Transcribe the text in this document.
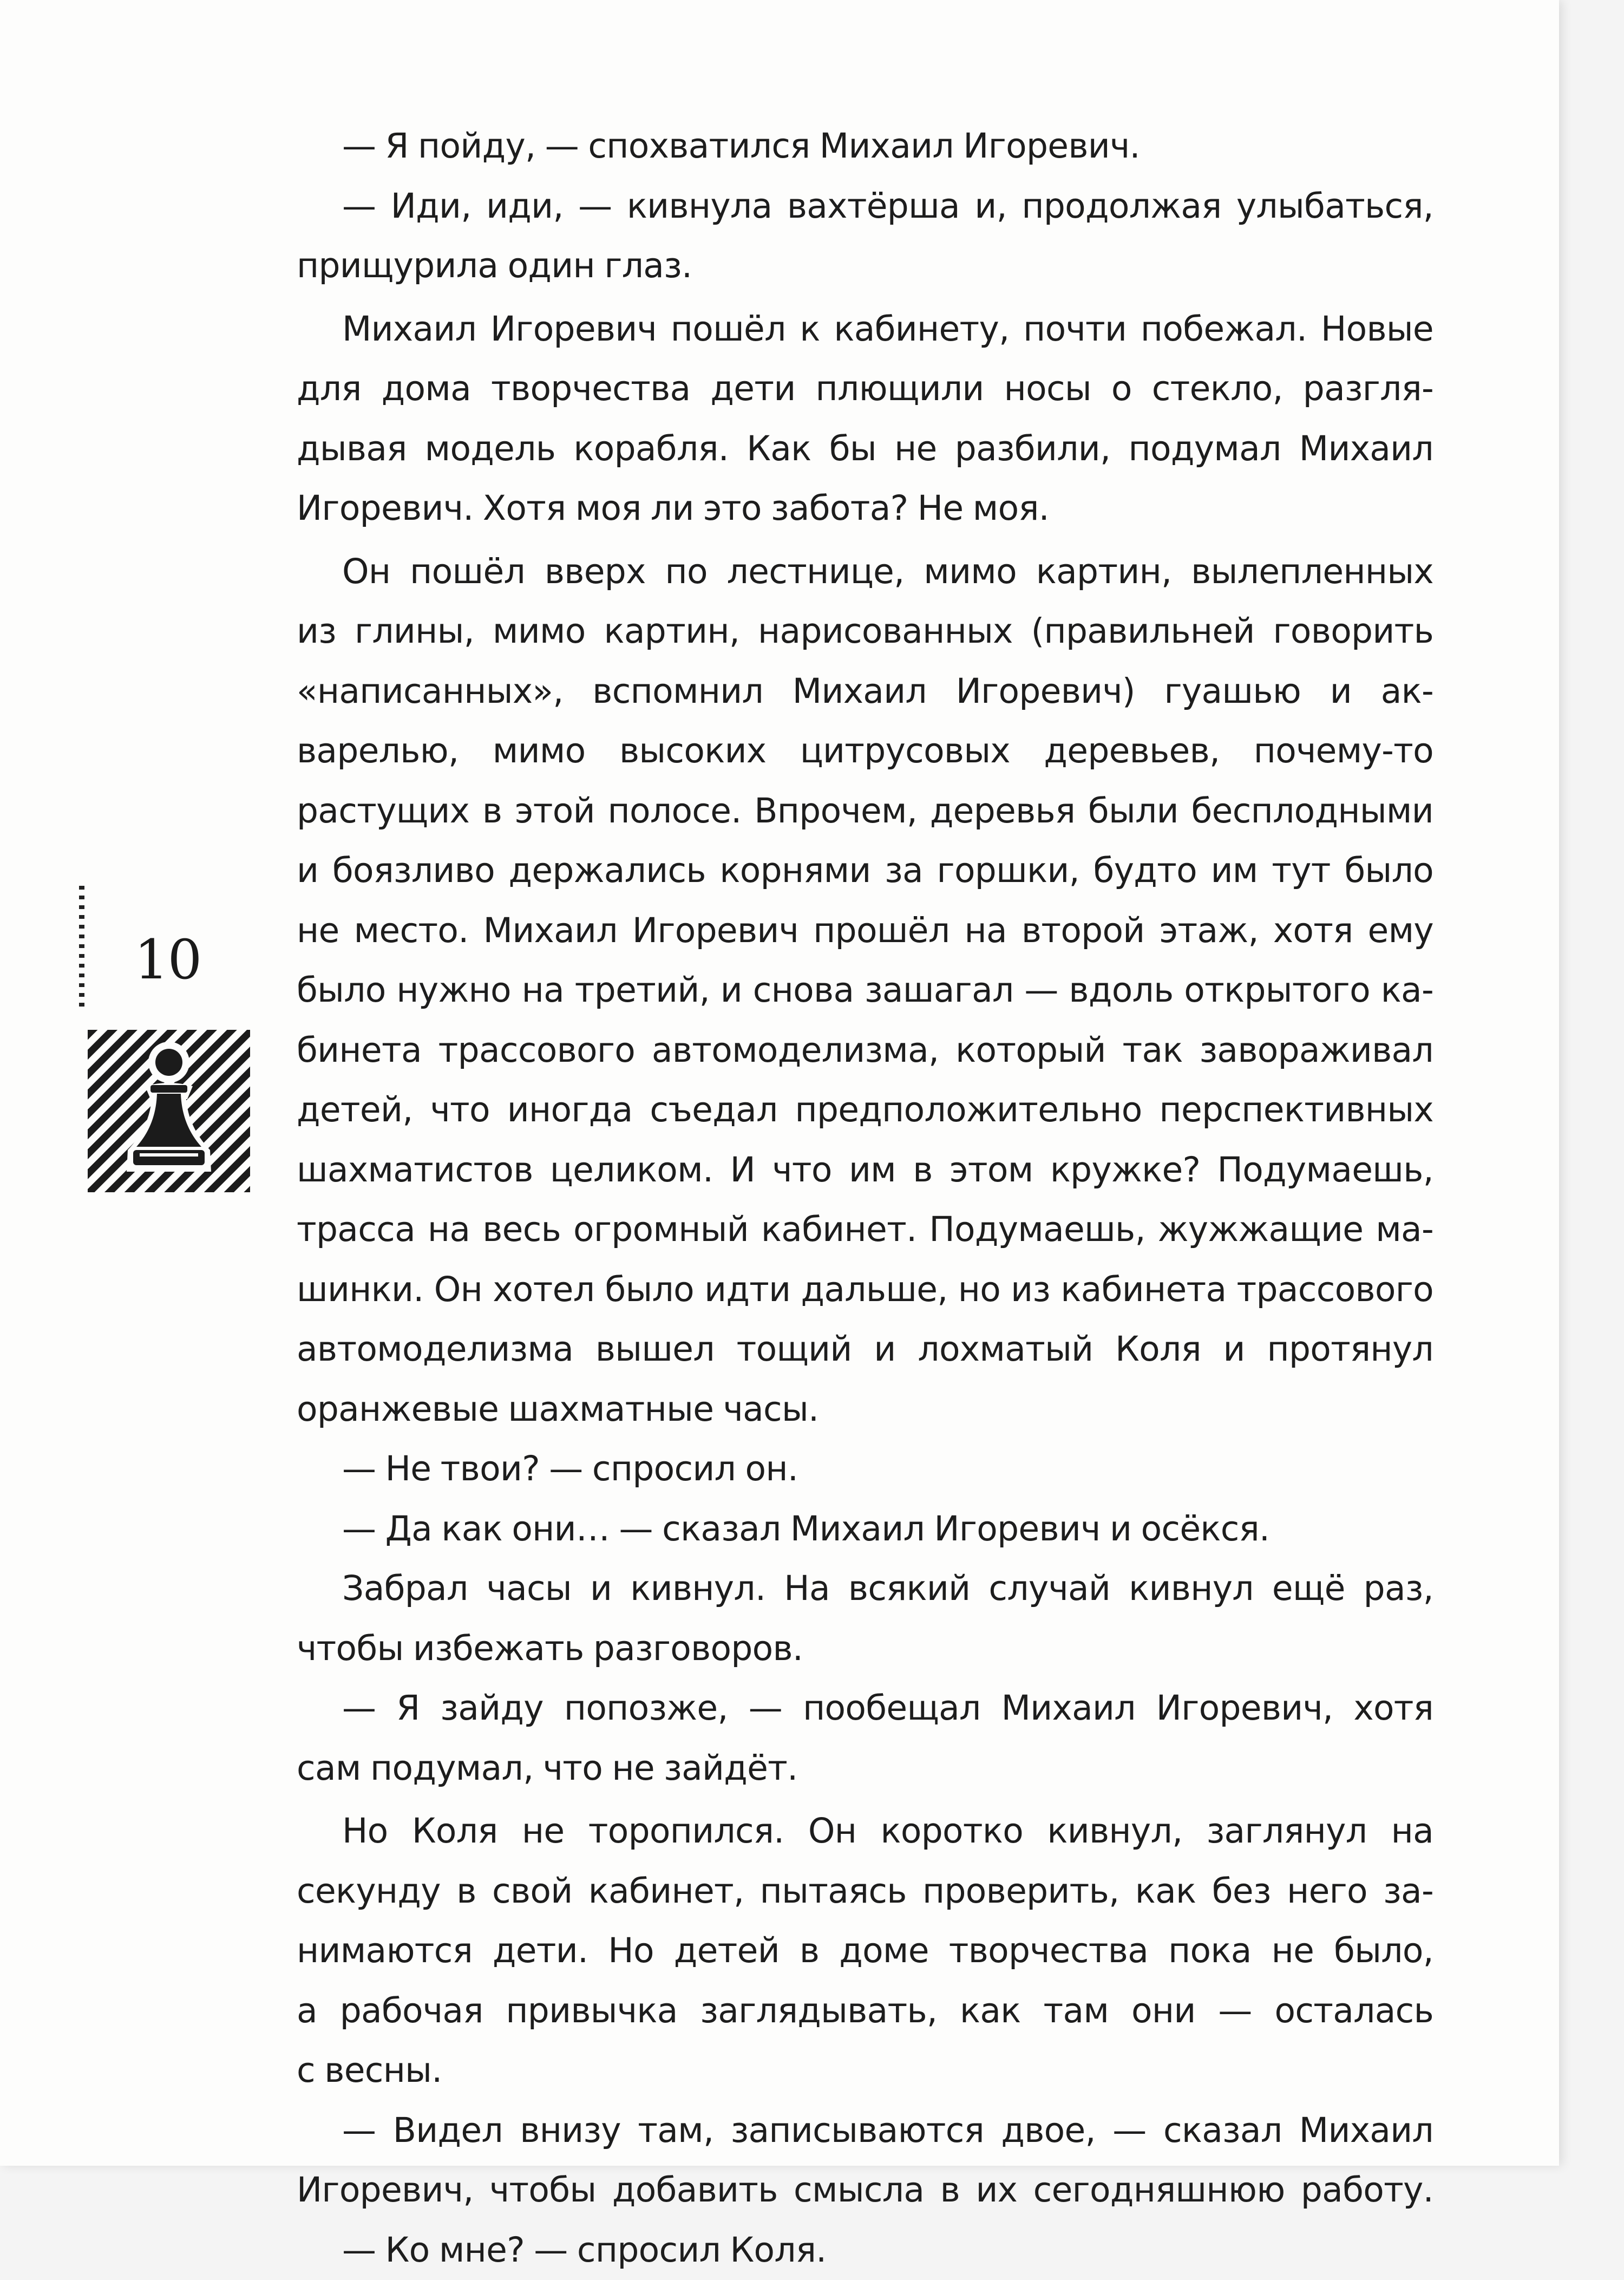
10
— Я пойду, — спохватился Михаил Игоревич.
— Иди, иди, — кивнула вахтёрша и, продолжая улыбаться,
прищурила один глаз.
Михаил Игоревич пошёл к кабинету, почти побежал. Новые
для дома творчества дети плющили носы о стекло, разгля-
дывая модель корабля. Как бы не разбили, подумал Михаил
Игоревич. Хотя моя ли это забота? Не моя.
Он пошёл вверх по лестнице, мимо картин, вылепленных
из глины, мимо картин, нарисованных (правильней говорить
«написанных», вспомнил Михаил Игоревич) гуашью и ак-
варелью, мимо высоких цитрусовых деревьев, почему-то
растущих в этой полосе. Впрочем, деревья были бесплодными
и боязливо держались корнями за горшки, будто им тут было
не место. Михаил Игоревич прошёл на второй этаж, хотя ему
было нужно на третий, и снова зашагал — вдоль открытого ка-
бинета трассового автомоделизма, который так завораживал
детей, что иногда съедал предположительно перспективных
шахматистов целиком. И что им в этом кружке? Подумаешь,
трасса на весь огромный кабинет. Подумаешь, жужжащие ма-
шинки. Он хотел было идти дальше, но из кабинета трассового
автомоделизма вышел тощий и лохматый Коля и протянул
оранжевые шахматные часы.
— Не твои? — спросил он.
— Да как они… — сказал Михаил Игоревич и осёкся.
Забрал часы и кивнул. На всякий случай кивнул ещё раз,
чтобы избежать разговоров.
— Я зайду попозже, — пообещал Михаил Игоревич, хотя
сам подумал, что не зайдёт.
Но Коля не торопился. Он коротко кивнул, заглянул на
секунду в свой кабинет, пытаясь проверить, как без него за-
нимаются дети. Но детей в доме творчества пока не было,
а рабочая привычка заглядывать, как там они — осталась
с весны.
— Видел внизу там, записываются двое, — сказал Михаил
Игоревич, чтобы добавить смысла в их сегодняшнюю работу.
— Ко мне? — спросил Коля.
